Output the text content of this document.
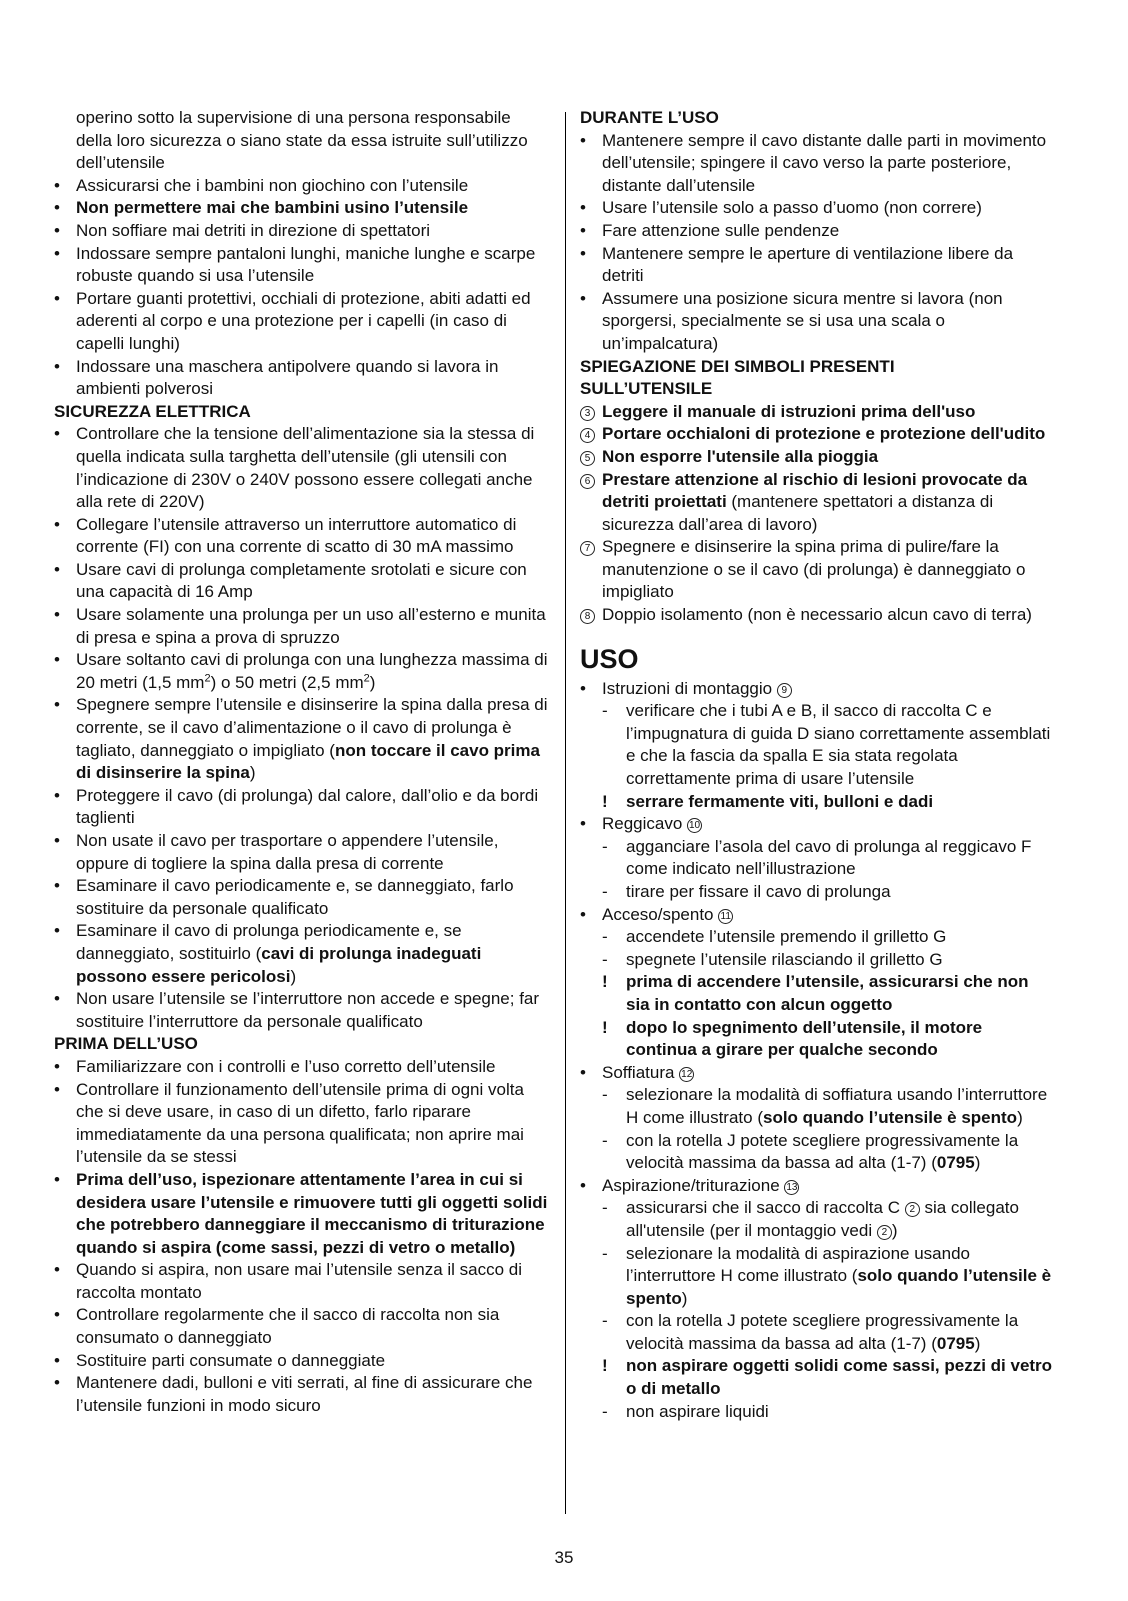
operino sotto la supervisione di una persona responsabile della loro sicurezza o siano state da essa istruite sull’utilizzo dell’utensile

• Assicurarsi che i bambini non giochino con l’utensile
• Non permettere mai che bambini usino l’utensile
• Non soffiare mai detriti in direzione di spettatori
• Indossare sempre pantaloni lunghi, maniche lunghe e scarpe robuste quando si usa l’utensile
• Portare guanti protettivi, occhiali di protezione, abiti adatti ed aderenti al corpo e una protezione per i capelli (in caso di capelli lunghi)
• Indossare una maschera antipolvere quando si lavora in ambienti polverosi

SICUREZZA ELETTRICA

• Controllare che la tensione dell’alimentazione sia la stessa di quella indicata sulla targhetta dell’utensile (gli utensili con l’indicazione di 230V o 240V possono essere collegati anche alla rete di 220V)
• Collegare l’utensile attraverso un interruttore automatico di corrente (FI) con una corrente di scatto di 30 mA massimo
• Usare cavi di prolunga completamente srotolati e sicure con una capacità di 16 Amp
• Usare solamente una prolunga per un uso all’esterno e munita di presa e spina a prova di spruzzo
• Usare soltanto cavi di prolunga con una lunghezza massima di 20 metri (1,5 $mm^2$) o 50 metri (2,5 $mm^2$)
• Spegnere sempre l’utensile e disinserire la spina dalla presa di corrente, se il cavo d’alimentazione o il cavo di prolunga è tagliato, danneggiato o impigliato (non toccare il cavo prima di disinserire la spina)
• Proteggere il cavo (di prolunga) dal calore, dall’olio e da bordi taglienti
• Non usate il cavo per trasportare o appendere l’utensile, oppure di togliere la spina dalla presa di corrente
• Esaminare il cavo periodicamente e, se danneggiato, farlo sostituire da personale qualificato
• Esaminare il cavo di prolunga periodicamente e, se danneggiato, sostituirlo (cavi di prolunga inadeguati possono essere pericolosi)
• Non usare l’utensile se l’interruttore non accede e spegne; far sostituire l’interruttore da personale qualificato

PRIMA DELL’USO

• Familiarizzare con i controlli e l’uso corretto dell’utensile
• Controllare il funzionamento dell’utensile prima di ogni volta che si deve usare, in caso di un difetto, farlo riparare immediatamente da una persona qualificata; non aprire mai l’utensile da se stessi
• Prima dell’uso, ispezionare attentamente l’area in cui si desidera usare l’utensile e rimuovere tutti gli oggetti solidi che potrebbero danneggiare il meccanismo di triturazione quando si aspira (come sassi, pezzi di vetro o metallo)
• Quando si aspira, non usare mai l’utensile senza il sacco di raccolta montato
• Controllare regolarmente che il sacco di raccolta non sia consumato o danneggiato
• Sostituire parti consumate o danneggiate
• Mantenere dadi, bulloni e viti serrati, al fine di assicurare che l’utensile funzioni in modo sicuro

DURANTE L’USO

• Mantenere sempre il cavo distante dalle parti in movimento dell’utensile; spingere il cavo verso la parte posteriore, distante dall’utensile
• Usare l’utensile solo a passo d’uomo (non correre)
• Fare attenzione sulle pendenze
• Mantenere sempre le aperture di ventilazione libere da detriti
• Assumere una posizione sicura mentre si lavora (non sporgersi, specialmente se si usa una scala o un’impalcatura)

SPIEGAZIONE DEI SIMBOLI PRESENTI

SULL’UTENSILE

3 Leggere il manuale di istruzioni prima dell'uso
4 Portare occhialoni di protezione e protezione dell'udito
5 Non esporre l'utensile alla pioggia
6 Prestare attenzione al rischio di lesioni provocate da detriti proiettati (mantenere spettatori a distanza di sicurezza dall’area di lavoro)
7 Spegnere e disinserire la spina prima di pulire/fare la manutenzione o se il cavo (di prolunga) è danneggiato o impigliato
8 Doppio isolamento (non è necessario alcun cavo di terra)

USO

• Istruzioni di montaggio 9
-	verificare che i tubi A e B, il sacco di raccolta C e l’impugnatura di guida D siano correttamente assemblati e che la fascia da spalla E sia stata regolata correttamente prima di usare l’utensile
!	serrare fermamente viti, bulloni e dadi
• Reggicavo 10
-	agganciare l’asola del cavo di prolunga al reggicavo F come indicato nell’illustrazione
-	tirare per fissare il cavo di prolunga
• Acceso/spento 11
-	accendete l’utensile premendo il grilletto G
-	spegnete l’utensile rilasciando il grilletto G
!	prima di accendere l’utensile, assicurarsi che non sia in contatto con alcun oggetto
!	dopo lo spegnimento dell’utensile, il motore continua a girare per qualche secondo
• Soffiatura 12
-	selezionare la modalità di soffiatura usando l’interruttore H come illustrato (solo quando l’utensile è spento)
-	con la rotella J potete scegliere progressivamente la velocità massima da bassa ad alta (1-7) (0795)
• Aspirazione/triturazione 13
-	assicurarsi che il sacco di raccolta C 2 sia collegato all'utensile (per il montaggio vedi 2 )
-	selezionare la modalità di aspirazione usando l’interruttore H come illustrato (solo quando l’utensile è spento)
-	con la rotella J potete scegliere progressivamente la velocità massima da bassa ad alta (1-7) (0795)
!	non aspirare oggetti solidi come sassi, pezzi di vetro o di metallo
-	non aspirare liquidi
35
